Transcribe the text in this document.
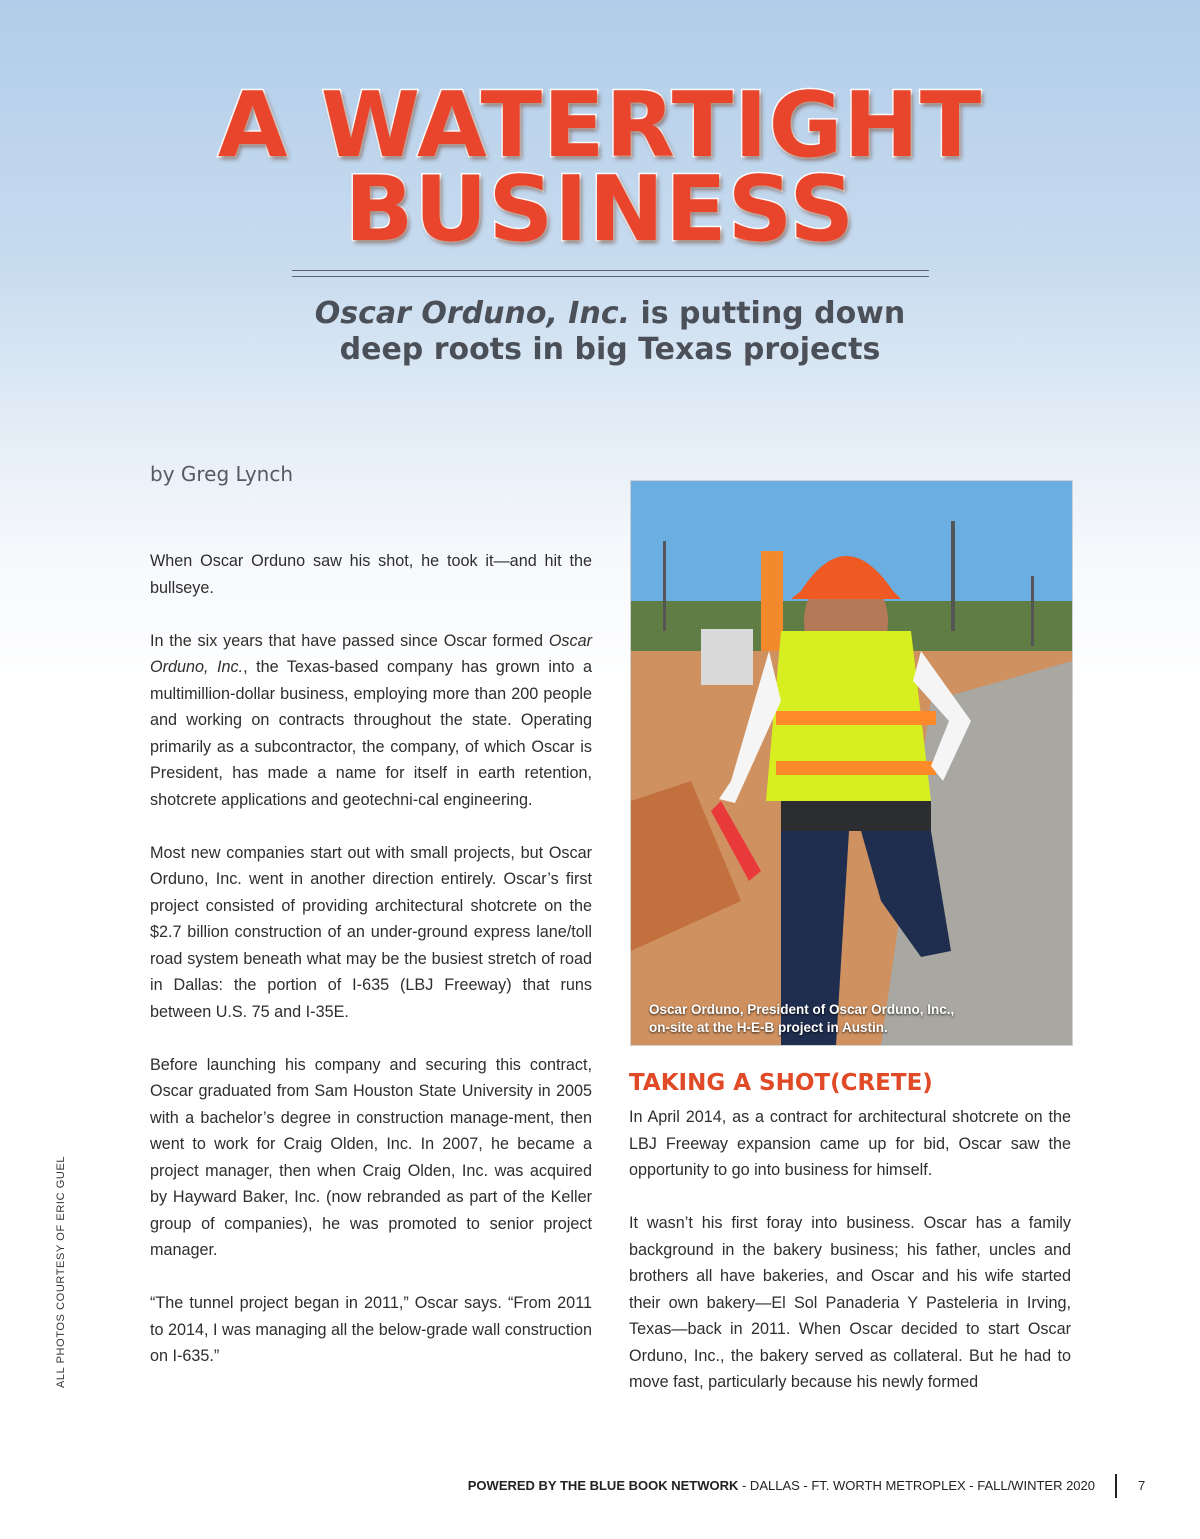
A WATERTIGHT
BUSINESS
Oscar Orduno, Inc. is putting down
deep roots in big Texas projects

by Greg Lynch

When Oscar Orduno saw his shot, he took it—and hit the bullseye.

In the six years that have passed since Oscar formed Oscar Orduno, Inc., the Texas-based company has grown into a multimillion-dollar business, employing more than 200 people and working on contracts throughout the state. Operating primarily as a subcontractor, the company, of which Oscar is President, has made a name for itself in earth retention, shotcrete applications and geotechni-cal engineering.

Most new companies start out with small projects, but Oscar Orduno, Inc. went in another direction entirely. Oscar’s first project consisted of providing architectural shotcrete on the $2.7 billion construction of an under-ground express lane/toll road system beneath what may be the busiest stretch of road in Dallas: the portion of I-635 (LBJ Freeway) that runs between U.S. 75 and I-35E.

Before launching his company and securing this contract, Oscar graduated from Sam Houston State University in 2005 with a bachelor’s degree in construction manage-ment, then went to work for Craig Olden, Inc. In 2007, he became a project manager, then when Craig Olden, Inc. was acquired by Hayward Baker, Inc. (now rebranded as part of the Keller group of companies), he was promoted to senior project manager.

“The tunnel project began in 2011,” Oscar says. “From 2011 to 2014, I was managing all the below-grade wall construction on I-635.”

Oscar Orduno, President of Oscar Orduno, Inc.,
on-site at the H-E-B project in Austin.

TAKING A SHOT(CRETE)

In April 2014, as a contract for architectural shotcrete on the LBJ Freeway expansion came up for bid, Oscar saw the opportunity to go into business for himself.

It wasn’t his first foray into business. Oscar has a family background in the bakery business; his father, uncles and brothers all have bakeries, and Oscar and his wife started their own bakery—El Sol Panaderia Y Pasteleria in Irving, Texas—back in 2011. When Oscar decided to start Oscar Orduno, Inc., the bakery served as collateral. But he had to move fast, particularly because his newly formed

ALL PHOTOS COURTESY OF ERIC GUEL

POWERED BY THE BLUE BOOK NETWORK - DALLAS - FT. WORTH METROPLEX - FALL/WINTER 2020	7
